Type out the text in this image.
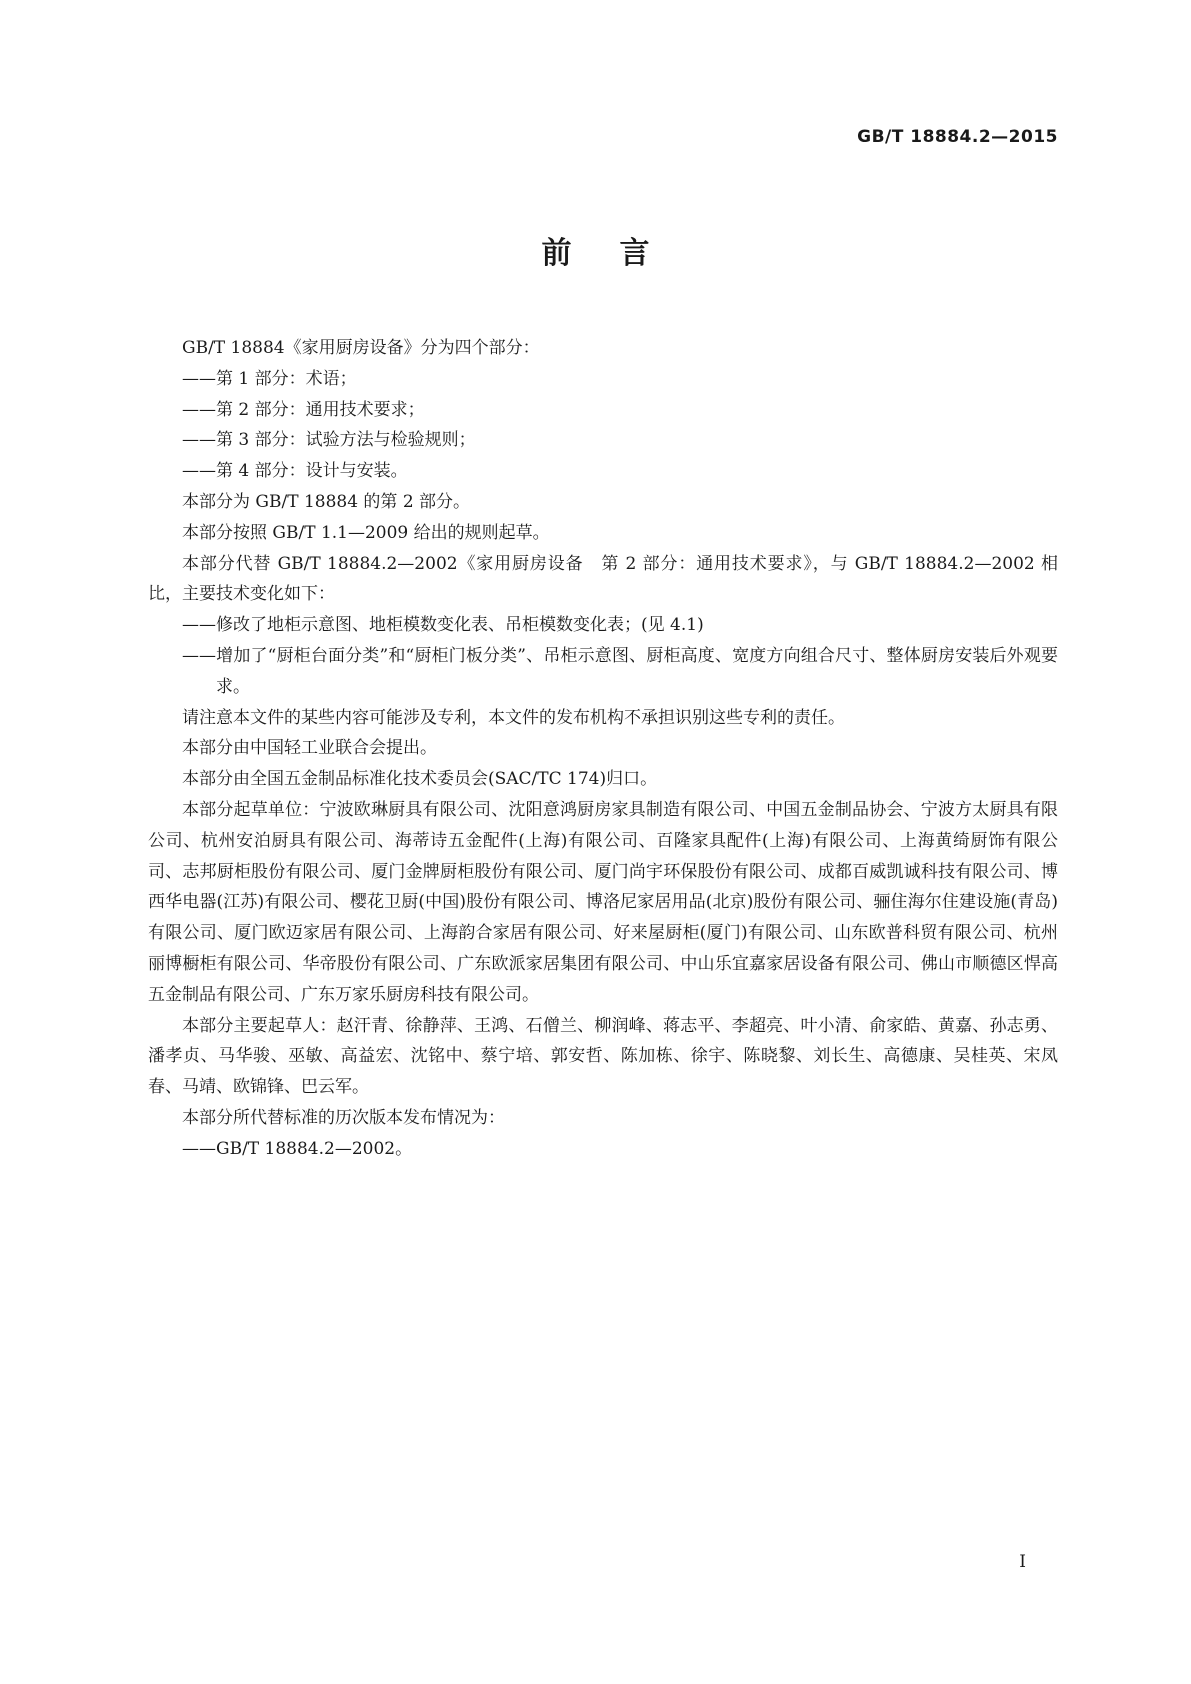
GB/T 18884.2—2015
前言

GB/T 18884《家用厨房设备》分为四个部分：

—— 第 1 部分：术语；

—— 第 2 部分：通用技术要求；

—— 第 3 部分：试验方法与检验规则；

—— 第 4 部分：设计与安装。

本部分为 GB/T 18884 的第 2 部分。

本部分按照 GB/T 1.1—2009 给出的规则起草。

本部分代替 GB/T 18884.2—2002《家用厨房设备　第 2 部分：通用技术要求》，与 GB/T 18884.2—2002 相比，主要技术变化如下：

—— 修改了地柜示意图、地柜模数变化表、吊柜模数变化表；(见 4.1)

—— 增加了“厨柜台面分类”和“厨柜门板分类”、吊柜示意图、厨柜高度、宽度方向组合尺寸、整体厨房安装后外观要求。

请注意本文件的某些内容可能涉及专利，本文件的发布机构不承担识别这些专利的责任。

本部分由中国轻工业联合会提出。

本部分由全国五金制品标准化技术委员会(SAC/TC 174)归口。

本部分起草单位：宁波欧琳厨具有限公司、沈阳意鸿厨房家具制造有限公司、中国五金制品协会、宁波方太厨具有限公司、杭州安泊厨具有限公司、海蒂诗五金配件(上海)有限公司、百隆家具配件(上海)有限公司、上海黄绮厨饰有限公司、志邦厨柜股份有限公司、厦门金牌厨柜股份有限公司、厦门尚宇环保股份有限公司、成都百威凯诚科技有限公司、博西华电器(江苏)有限公司、樱花卫厨(中国)股份有限公司、博洛尼家居用品(北京)股份有限公司、骊住海尔住建设施(青岛)有限公司、厦门欧迈家居有限公司、上海韵合家居有限公司、好来屋厨柜(厦门)有限公司、山东欧普科贸有限公司、杭州丽博橱柜有限公司、华帝股份有限公司、广东欧派家居集团有限公司、中山乐宜嘉家居设备有限公司、佛山市顺德区悍高五金制品有限公司、广东万家乐厨房科技有限公司。

本部分主要起草人：赵汗青、徐静萍、王鸿、石僧兰、柳润峰、蒋志平、李超亮、叶小清、俞家皓、黄嘉、孙志勇、潘孝贞、马华骏、巫敏、高益宏、沈铭中、蔡宁培、郭安哲、陈加栋、徐宇、陈晓黎、刘长生、高德康、吴桂英、宋凤春、马靖、欧锦锋、巴云军。

本部分所代替标准的历次版本发布情况为：

—— GB/T 18884.2—2002。

I
